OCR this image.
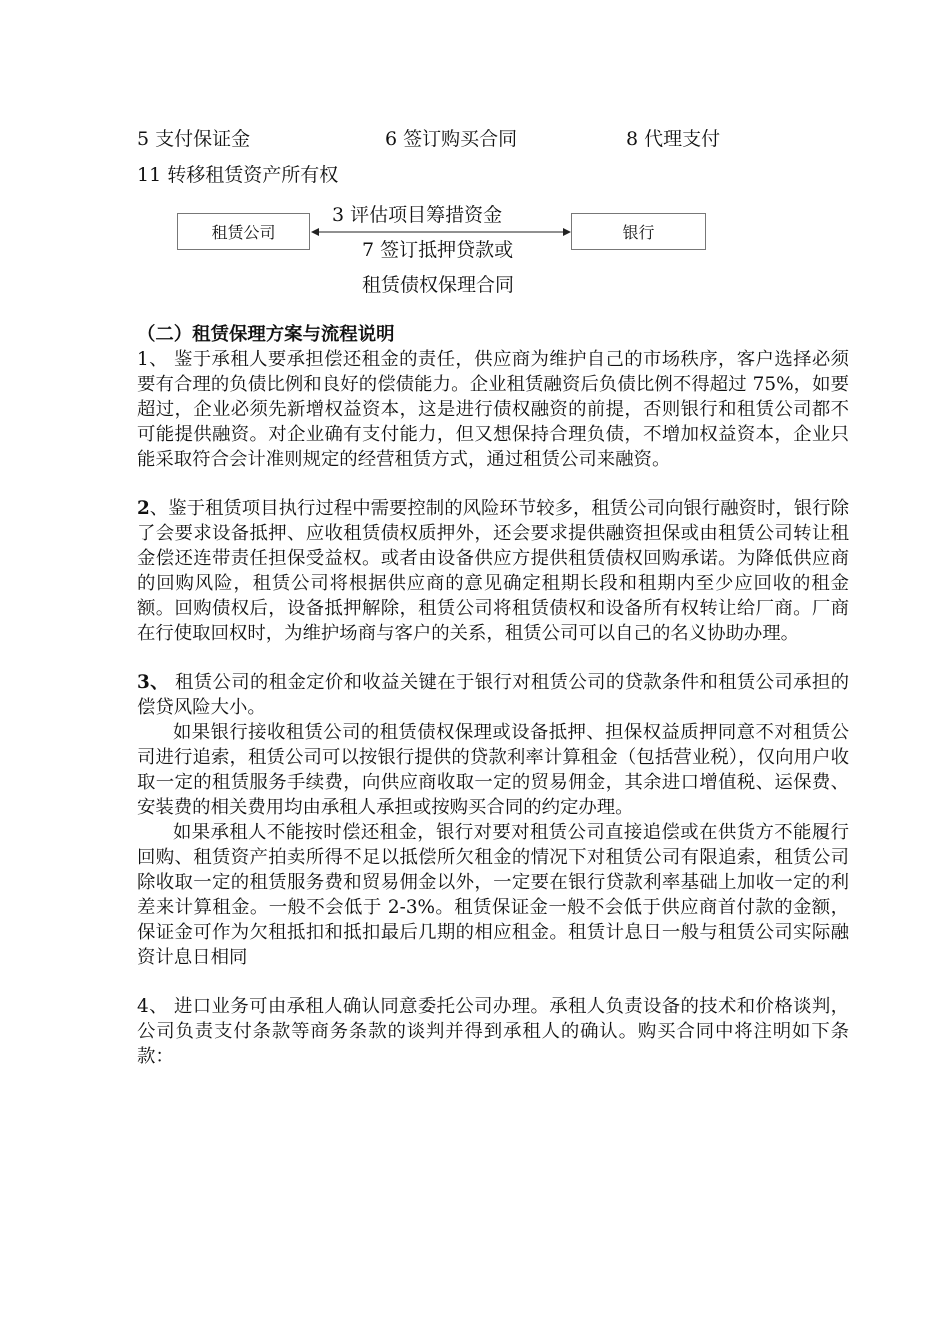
5 支付保证金	6 签订购买合同	8 代理支付
11 转移租赁资产所有权
租赁公司	银行
3 评估项目筹措资金
7 签订抵押贷款或
租赁债权保理合同

（二）租赁保理方案与流程说明

1、 鉴于承租人要承担偿还租金的责任，供应商为维护自己的市场秩序，客户选择必须要有合理的负债比例和良好的偿债能力。企业租赁融资后负债比例不得超过 75%，如要超过，企业必须先新增权益资本，这是进行债权融资的前提，否则银行和租赁公司都不可能提供融资。对企业确有支付能力，但又想保持合理负债，不增加权益资本，企业只能采取符合会计准则规定的经营租赁方式，通过租赁公司来融资。

2、鉴于租赁项目执行过程中需要控制的风险环节较多，租赁公司向银行融资时，银行除了会要求设备抵押、应收租赁债权质押外，还会要求提供融资担保或由租赁公司转让租金偿还连带责任担保受益权。或者由设备供应方提供租赁债权回购承诺。为降低供应商的回购风险，租赁公司将根据供应商的意见确定租期长段和租期内至少应回收的租金额。回购债权后，设备抵押解除，租赁公司将租赁债权和设备所有权转让给厂商。厂商在行使取回权时，为维护场商与客户的关系，租赁公司可以自己的名义协助办理。

3、 租赁公司的租金定价和收益关键在于银行对租赁公司的贷款条件和租赁公司承担的偿贷风险大小。

如果银行接收租赁公司的租赁债权保理或设备抵押、担保权益质押同意不对租赁公司进行追索，租赁公司可以按银行提供的贷款利率计算租金（包括营业税），仅向用户收取一定的租赁服务手续费，向供应商收取一定的贸易佣金，其余进口增值税、运保费、安装费的相关费用均由承租人承担或按购买合同的约定办理。

如果承租人不能按时偿还租金，银行对要对租赁公司直接追偿或在供货方不能履行回购、租赁资产拍卖所得不足以抵偿所欠租金的情况下对租赁公司有限追索，租赁公司除收取一定的租赁服务费和贸易佣金以外，一定要在银行贷款利率基础上加收一定的利差来计算租金。一般不会低于 2-3%。租赁保证金一般不会低于供应商首付款的金额，保证金可作为欠租抵扣和抵扣最后几期的相应租金。租赁计息日一般与租赁公司实际融资计息日相同

4、 进口业务可由承租人确认同意委托公司办理。承租人负责设备的技术和价格谈判，公司负责支付条款等商务条款的谈判并得到承租人的确认。购买合同中将注明如下条款：
